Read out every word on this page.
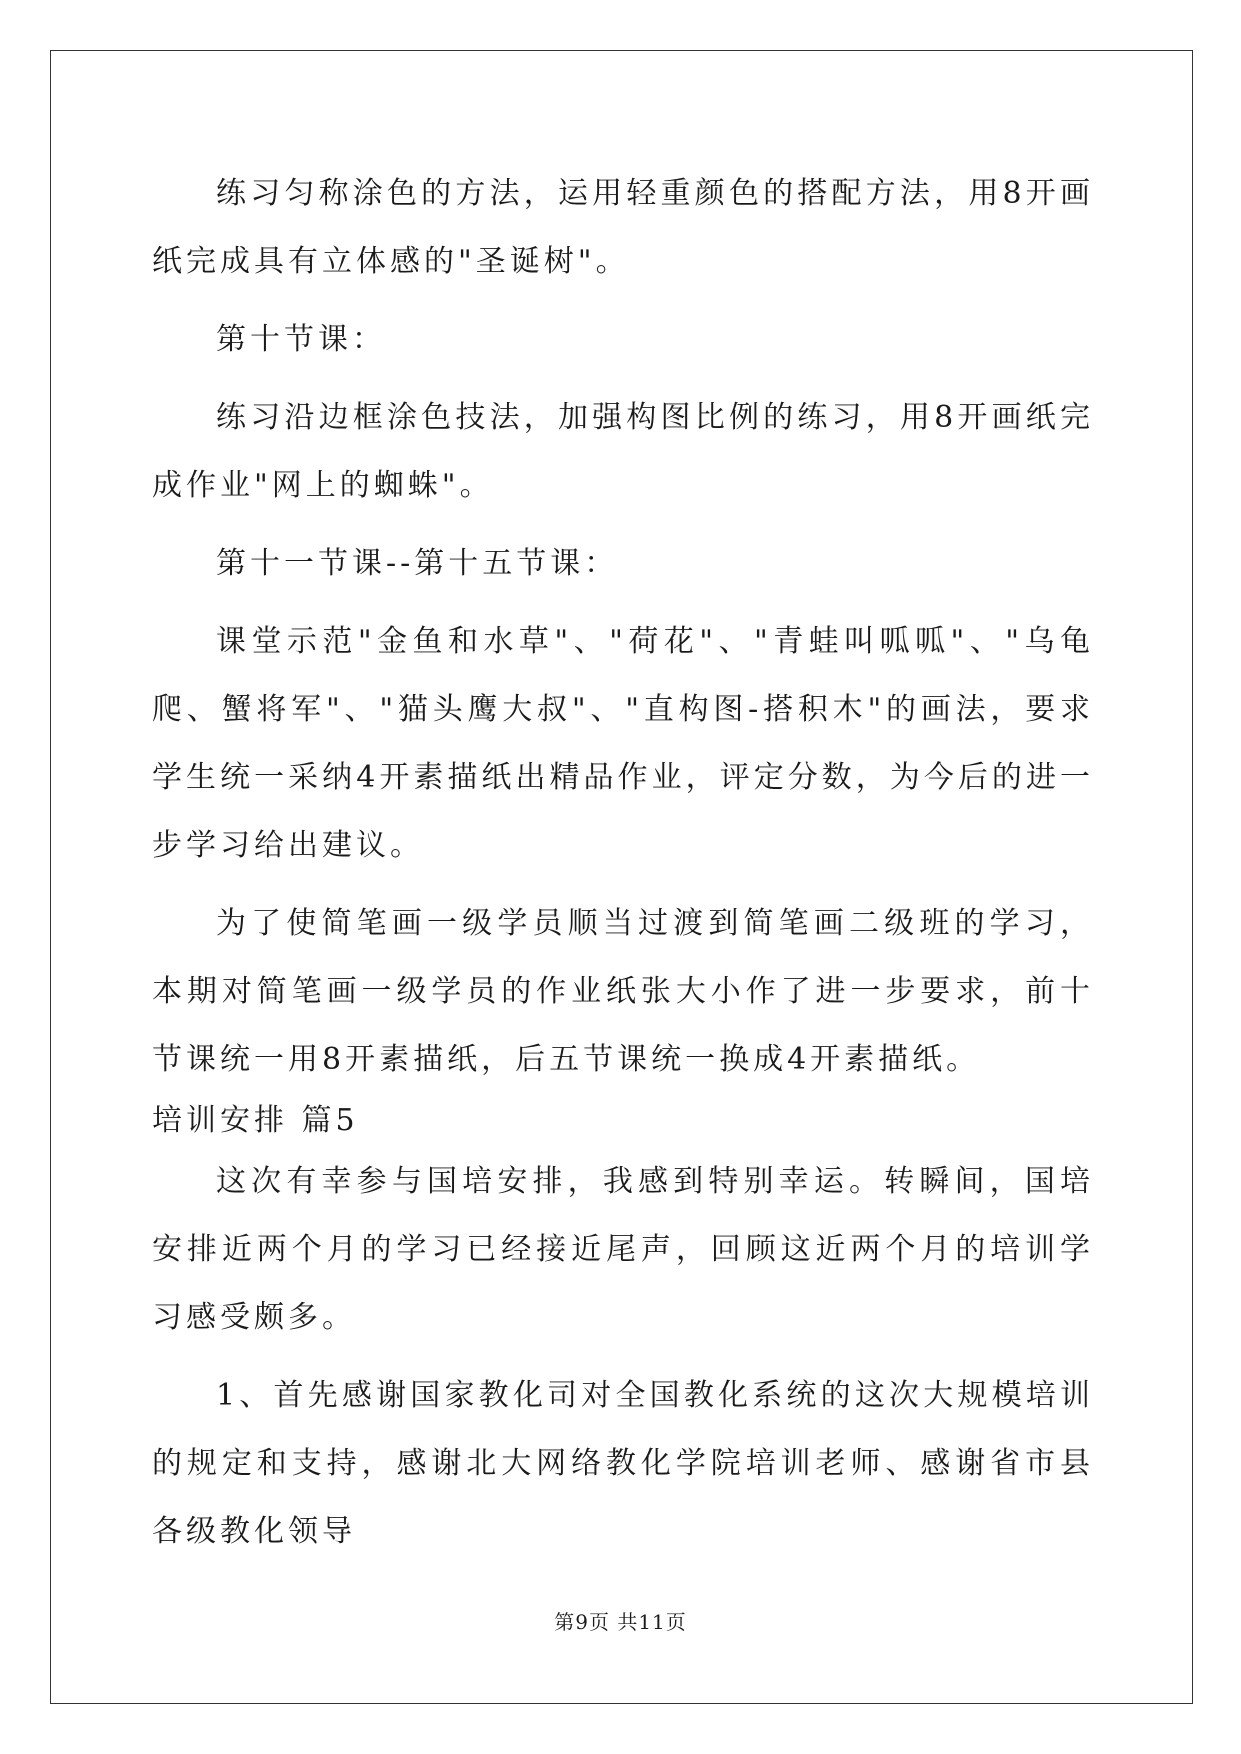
练习匀称涂色的方法，运用轻重颜色的搭配方法，用8开画纸完成具有立体感的"圣诞树"。

第十节课：

练习沿边框涂色技法，加强构图比例的练习，用8开画纸完成作业"网上的蜘蛛"。

第十一节课--第十五节课：

课堂示范"金鱼和水草"、"荷花"、"青蛙叫呱呱"、"乌龟爬、蟹将军"、"猫头鹰大叔"、"直构图-搭积木"的画法，要求学生统一采纳4开素描纸出精品作业，评定分数，为今后的进一步学习给出建议。

为了使简笔画一级学员顺当过渡到简笔画二级班的学习，本期对简笔画一级学员的作业纸张大小作了进一步要求，前十节课统一用8开素描纸，后五节课统一换成4开素描纸。

培训安排 篇5

这次有幸参与国培安排，我感到特别幸运。转瞬间，国培安排近两个月的学习已经接近尾声，回顾这近两个月的培训学习感受颇多。

1、首先感谢国家教化司对全国教化系统的这次大规模培训的规定和支持，感谢北大网络教化学院培训老师、感谢省市县各级教化领导

第9页 共11页
